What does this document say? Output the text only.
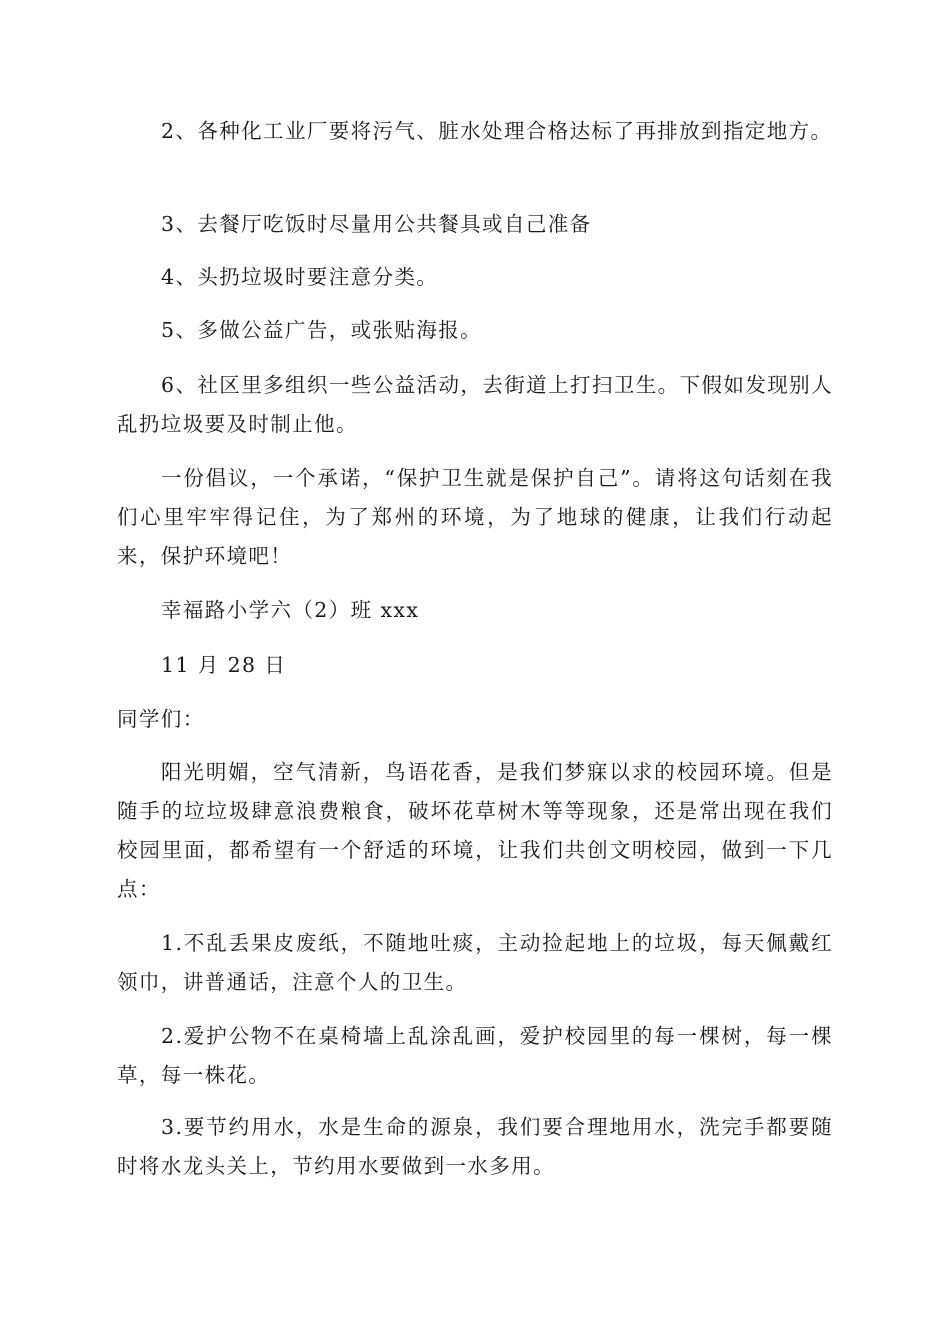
2、各种化工业厂要将污气、脏水处理合格达标了再排放到指定地方。

3、去餐厅吃饭时尽量用公共餐具或自己准备

4、头扔垃圾时要注意分类。

5、多做公益广告，或张贴海报。

6、社区里多组织一些公益活动，去街道上打扫卫生。下假如发现别人乱扔垃圾要及时制止他。

一份倡议，一个承诺，“保护卫生就是保护自己”。请将这句话刻在我们心里牢牢得记住，为了郑州的环境，为了地球的健康，让我们行动起来，保护环境吧！

幸福路小学六（2）班 xxx

11 月 28 日

同学们：

阳光明媚，空气清新，鸟语花香，是我们梦寐以求的校园环境。但是随手的垃垃圾肆意浪费粮食，破坏花草树木等等现象，还是常出现在我们校园里面，都希望有一个舒适的环境，让我们共创文明校园，做到一下几点：

1.不乱丢果皮废纸，不随地吐痰，主动捡起地上的垃圾，每天佩戴红领巾，讲普通话，注意个人的卫生。

2.爱护公物不在桌椅墙上乱涂乱画，爱护校园里的每一棵树，每一棵草，每一株花。

3.要节约用水，水是生命的源泉，我们要合理地用水，洗完手都要随时将水龙头关上，节约用水要做到一水多用。
